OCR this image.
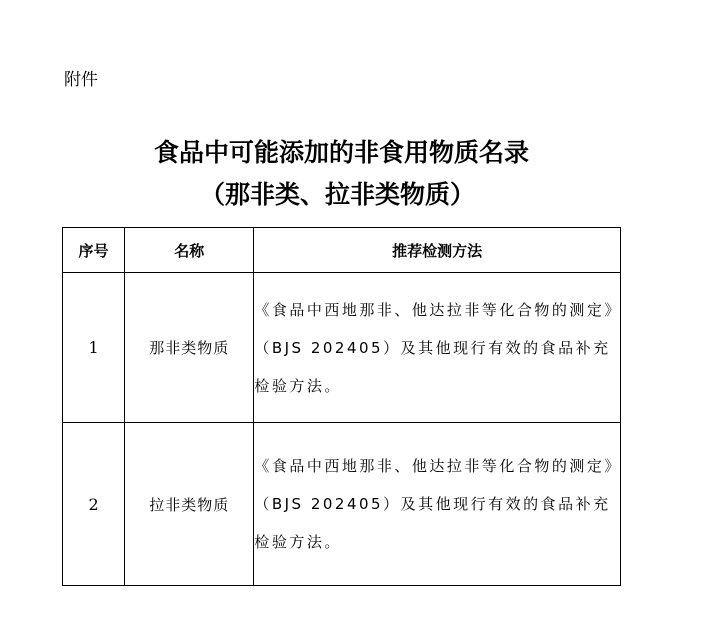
附件
食品中可能添加的非食用物质名录
（那非类、拉非类物质）
序号	名称	推荐检测方法
1	那非类物质	《食品中西地那非、他达拉非等化合物的测定》（BJS 202405）及其他现行有效的食品补充检验方法。
2	拉非类物质	《食品中西地那非、他达拉非等化合物的测定》（BJS 202405）及其他现行有效的食品补充检验方法。
